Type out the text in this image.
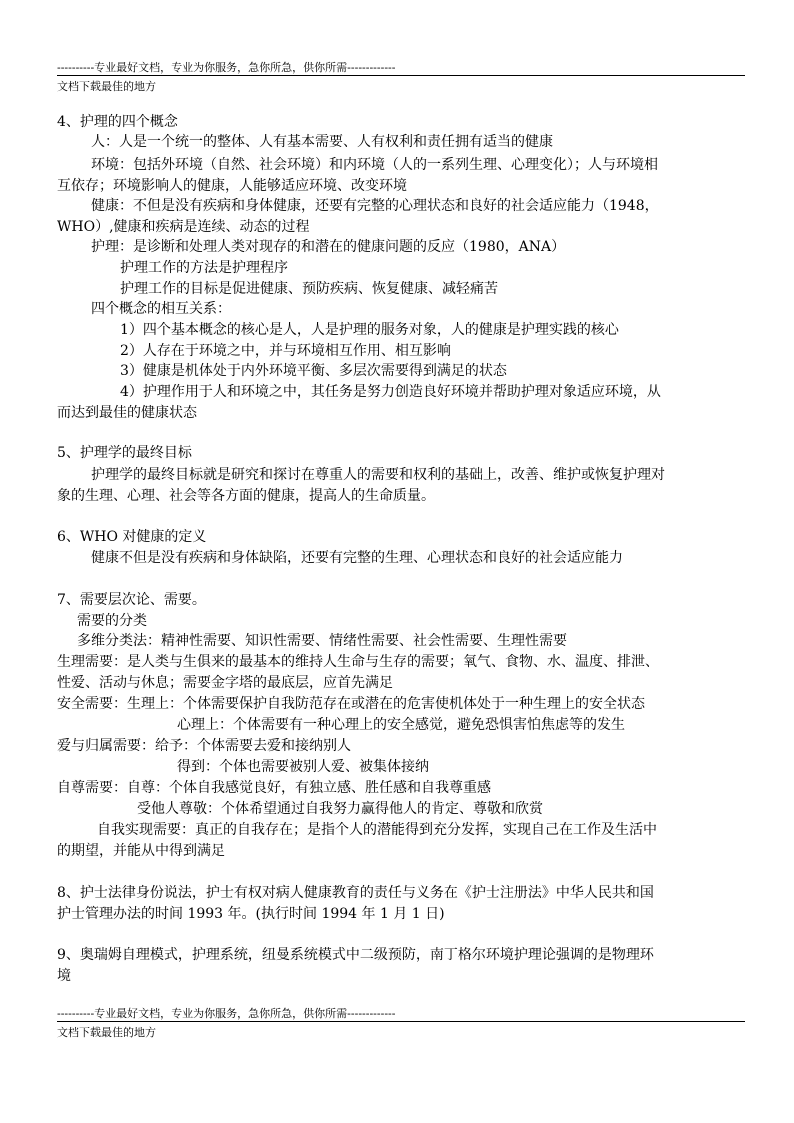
----------专业最好文档，专业为你服务，急你所急，供你所需-------------
文档下载最佳的地方
4、护理的四个概念
人：人是一个统一的整体、人有基本需要、人有权利和责任拥有适当的健康
环境：包括外环境（自然、社会环境）和内环境（人的一系列生理、心理变化）；人与环境相
互依存；环境影响人的健康，人能够适应环境、改变环境
健康：不但是没有疾病和身体健康，还要有完整的心理状态和良好的社会适应能力（1948，
WHO）,健康和疾病是连续、动态的过程
护理：是诊断和处理人类对现存的和潜在的健康问题的反应（1980，ANA）
护理工作的方法是护理程序
护理工作的目标是促进健康、预防疾病、恢复健康、减轻痛苦
四个概念的相互关系：
1）四个基本概念的核心是人，人是护理的服务对象，人的健康是护理实践的核心
2）人存在于环境之中，并与环境相互作用、相互影响
3）健康是机体处于内外环境平衡、多层次需要得到满足的状态
4）护理作用于人和环境之中，其任务是努力创造良好环境并帮助护理对象适应环境，从
而达到最佳的健康状态
5、护理学的最终目标
护理学的最终目标就是研究和探讨在尊重人的需要和权利的基础上，改善、维护或恢复护理对
象的生理、心理、社会等各方面的健康，提高人的生命质量。
6、WHO 对健康的定义
健康不但是没有疾病和身体缺陷，还要有完整的生理、心理状态和良好的社会适应能力
7、需要层次论、需要。
需要的分类
多维分类法：精神性需要、知识性需要、情绪性需要、社会性需要、生理性需要
生理需要：是人类与生俱来的最基本的维持人生命与生存的需要；氧气、食物、水、温度、排泄、
性爱、活动与休息；需要金字塔的最底层，应首先满足
安全需要：生理上：个体需要保护自我防范存在或潜在的危害使机体处于一种生理上的安全状态
心理上：个体需要有一种心理上的安全感觉，避免恐惧害怕焦虑等的发生
爱与归属需要：给予：个体需要去爱和接纳别人
得到：个体也需要被别人爱、被集体接纳
自尊需要：自尊：个体自我感觉良好，有独立感、胜任感和自我尊重感
受他人尊敬：个体希望通过自我努力赢得他人的肯定、尊敬和欣赏
自我实现需要：真正的自我存在；是指个人的潜能得到充分发挥，实现自己在工作及生活中
的期望，并能从中得到满足
8、护士法律身份说法，护士有权对病人健康教育的责任与义务在《护士注册法》中华人民共和国
护士管理办法的时间 1993 年。(执行时间 1994 年 1 月 1 日)
9、奥瑞姆自理模式，护理系统，纽曼系统模式中二级预防，南丁格尔环境护理论强调的是物理环
境
----------专业最好文档，专业为你服务，急你所急，供你所需-------------
文档下载最佳的地方
